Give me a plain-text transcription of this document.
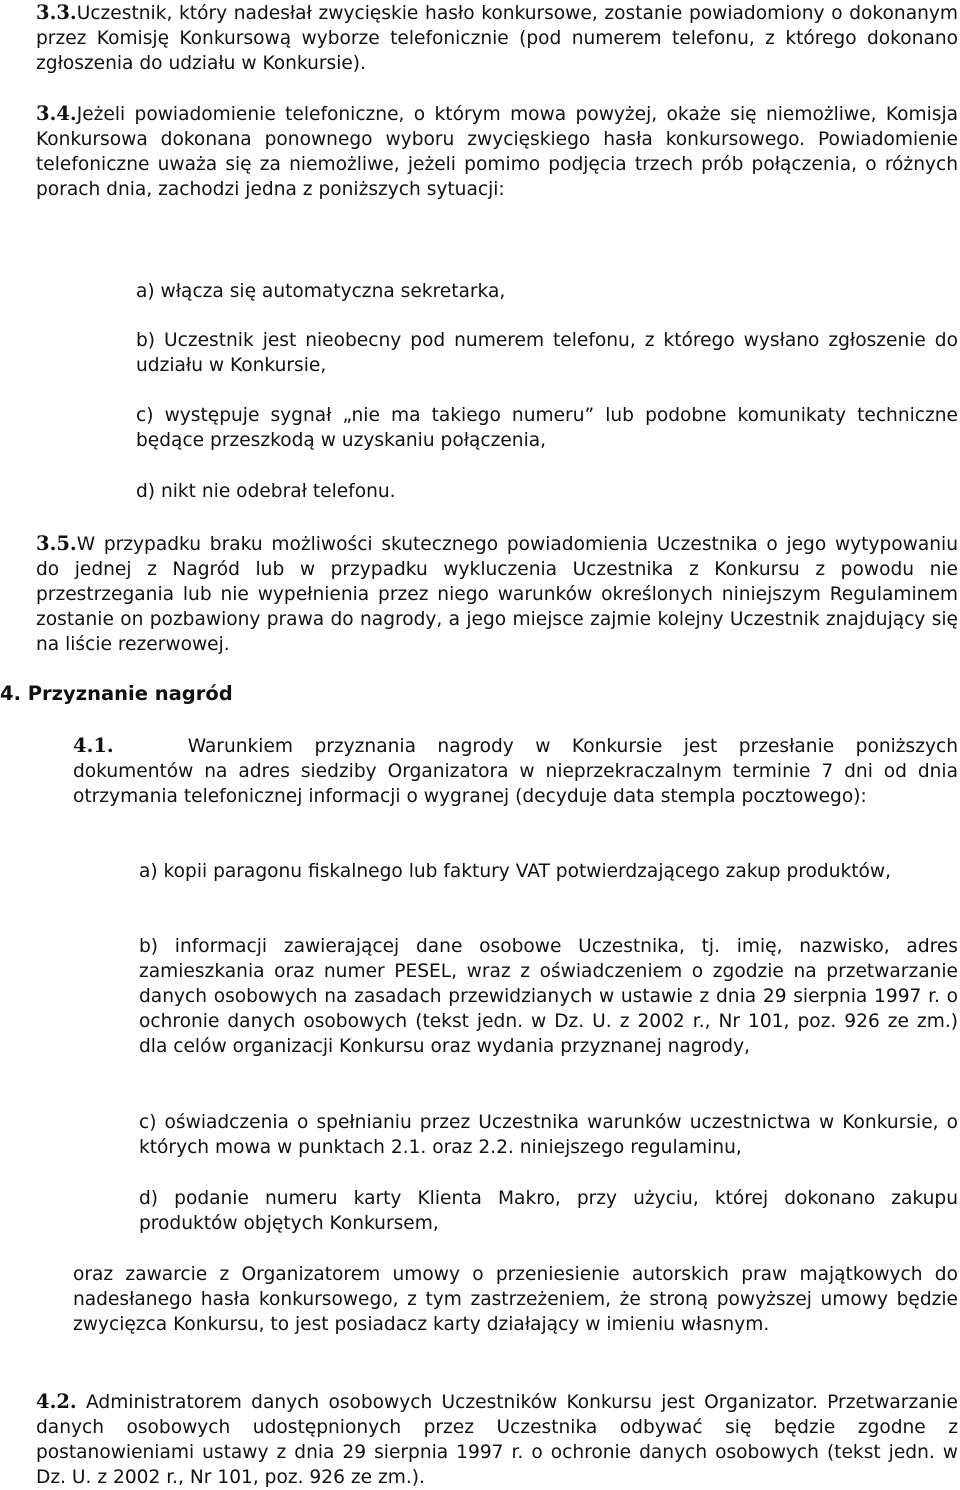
3.3.Uczestnik, który nadesłał zwycięskie hasło konkursowe, zostanie powiadomiony o dokonanym przez Komisję Konkursową wyborze telefonicznie (pod numerem telefonu, z którego dokonano zgłoszenia do udziału w Konkursie).

3.4.Jeżeli powiadomienie telefoniczne, o którym mowa powyżej, okaże się niemożliwe, Komisja Konkursowa dokonana ponownego wyboru zwycięskiego hasła konkursowego. Powiadomienie telefoniczne uważa się za niemożliwe, jeżeli pomimo podjęcia trzech prób połączenia, o różnych porach dnia, zachodzi jedna z poniższych sytuacji:

a) włącza się automatyczna sekretarka,

b) Uczestnik jest nieobecny pod numerem telefonu, z którego wysłano zgłoszenie do udziału w Konkursie,

c) występuje sygnał „nie ma takiego numeru” lub podobne komunikaty techniczne będące przeszkodą w uzyskaniu połączenia,

d) nikt nie odebrał telefonu.

3.5.W przypadku braku możliwości skutecznego powiadomienia Uczestnika o jego wytypowaniu do jednej z Nagród lub w przypadku wykluczenia Uczestnika z Konkursu z powodu nie przestrzegania lub nie wypełnienia przez niego warunków określonych niniejszym Regulaminem zostanie on pozbawiony prawa do nagrody, a jego miejsce zajmie kolejny Uczestnik znajdujący się na liście rezerwowej.

4. Przyznanie nagród

4.1.	Warunkiem przyznania nagrody w Konkursie jest przesłanie poniższych dokumentów na adres siedziby Organizatora w nieprzekraczalnym terminie 7 dni od dnia otrzymania telefonicznej informacji o wygranej (decyduje data stempla pocztowego):

a) kopii paragonu fiskalnego lub faktury VAT potwierdzającego zakup produktów,

b) informacji zawierającej dane osobowe Uczestnika, tj. imię, nazwisko, adres zamieszkania oraz numer PESEL, wraz z oświadczeniem o zgodzie na przetwarzanie danych osobowych na zasadach przewidzianych w ustawie z dnia 29 sierpnia 1997 r. o ochronie danych osobowych (tekst jedn. w Dz. U. z 2002 r., Nr 101, poz. 926 ze zm.) dla celów organizacji Konkursu oraz wydania przyznanej nagrody,

c) oświadczenia o spełnianiu przez Uczestnika warunków uczestnictwa w Konkursie, o których mowa w punktach 2.1. oraz 2.2. niniejszego regulaminu,

d) podanie numeru karty Klienta Makro, przy użyciu, której dokonano zakupu produktów objętych Konkursem,

oraz zawarcie z Organizatorem umowy o przeniesienie autorskich praw majątkowych do nadesłanego hasła konkursowego, z tym zastrzeżeniem, że stroną powyższej umowy będzie zwycięzca Konkursu, to jest posiadacz karty działający w imieniu własnym.

4.2. Administratorem danych osobowych Uczestników Konkursu jest Organizator. Przetwarzanie danych osobowych udostępnionych przez Uczestnika odbywać się będzie zgodne z postanowieniami ustawy z dnia 29 sierpnia 1997 r. o ochronie danych osobowych (tekst jedn. w Dz. U. z 2002 r., Nr 101, poz. 926 ze zm.).
